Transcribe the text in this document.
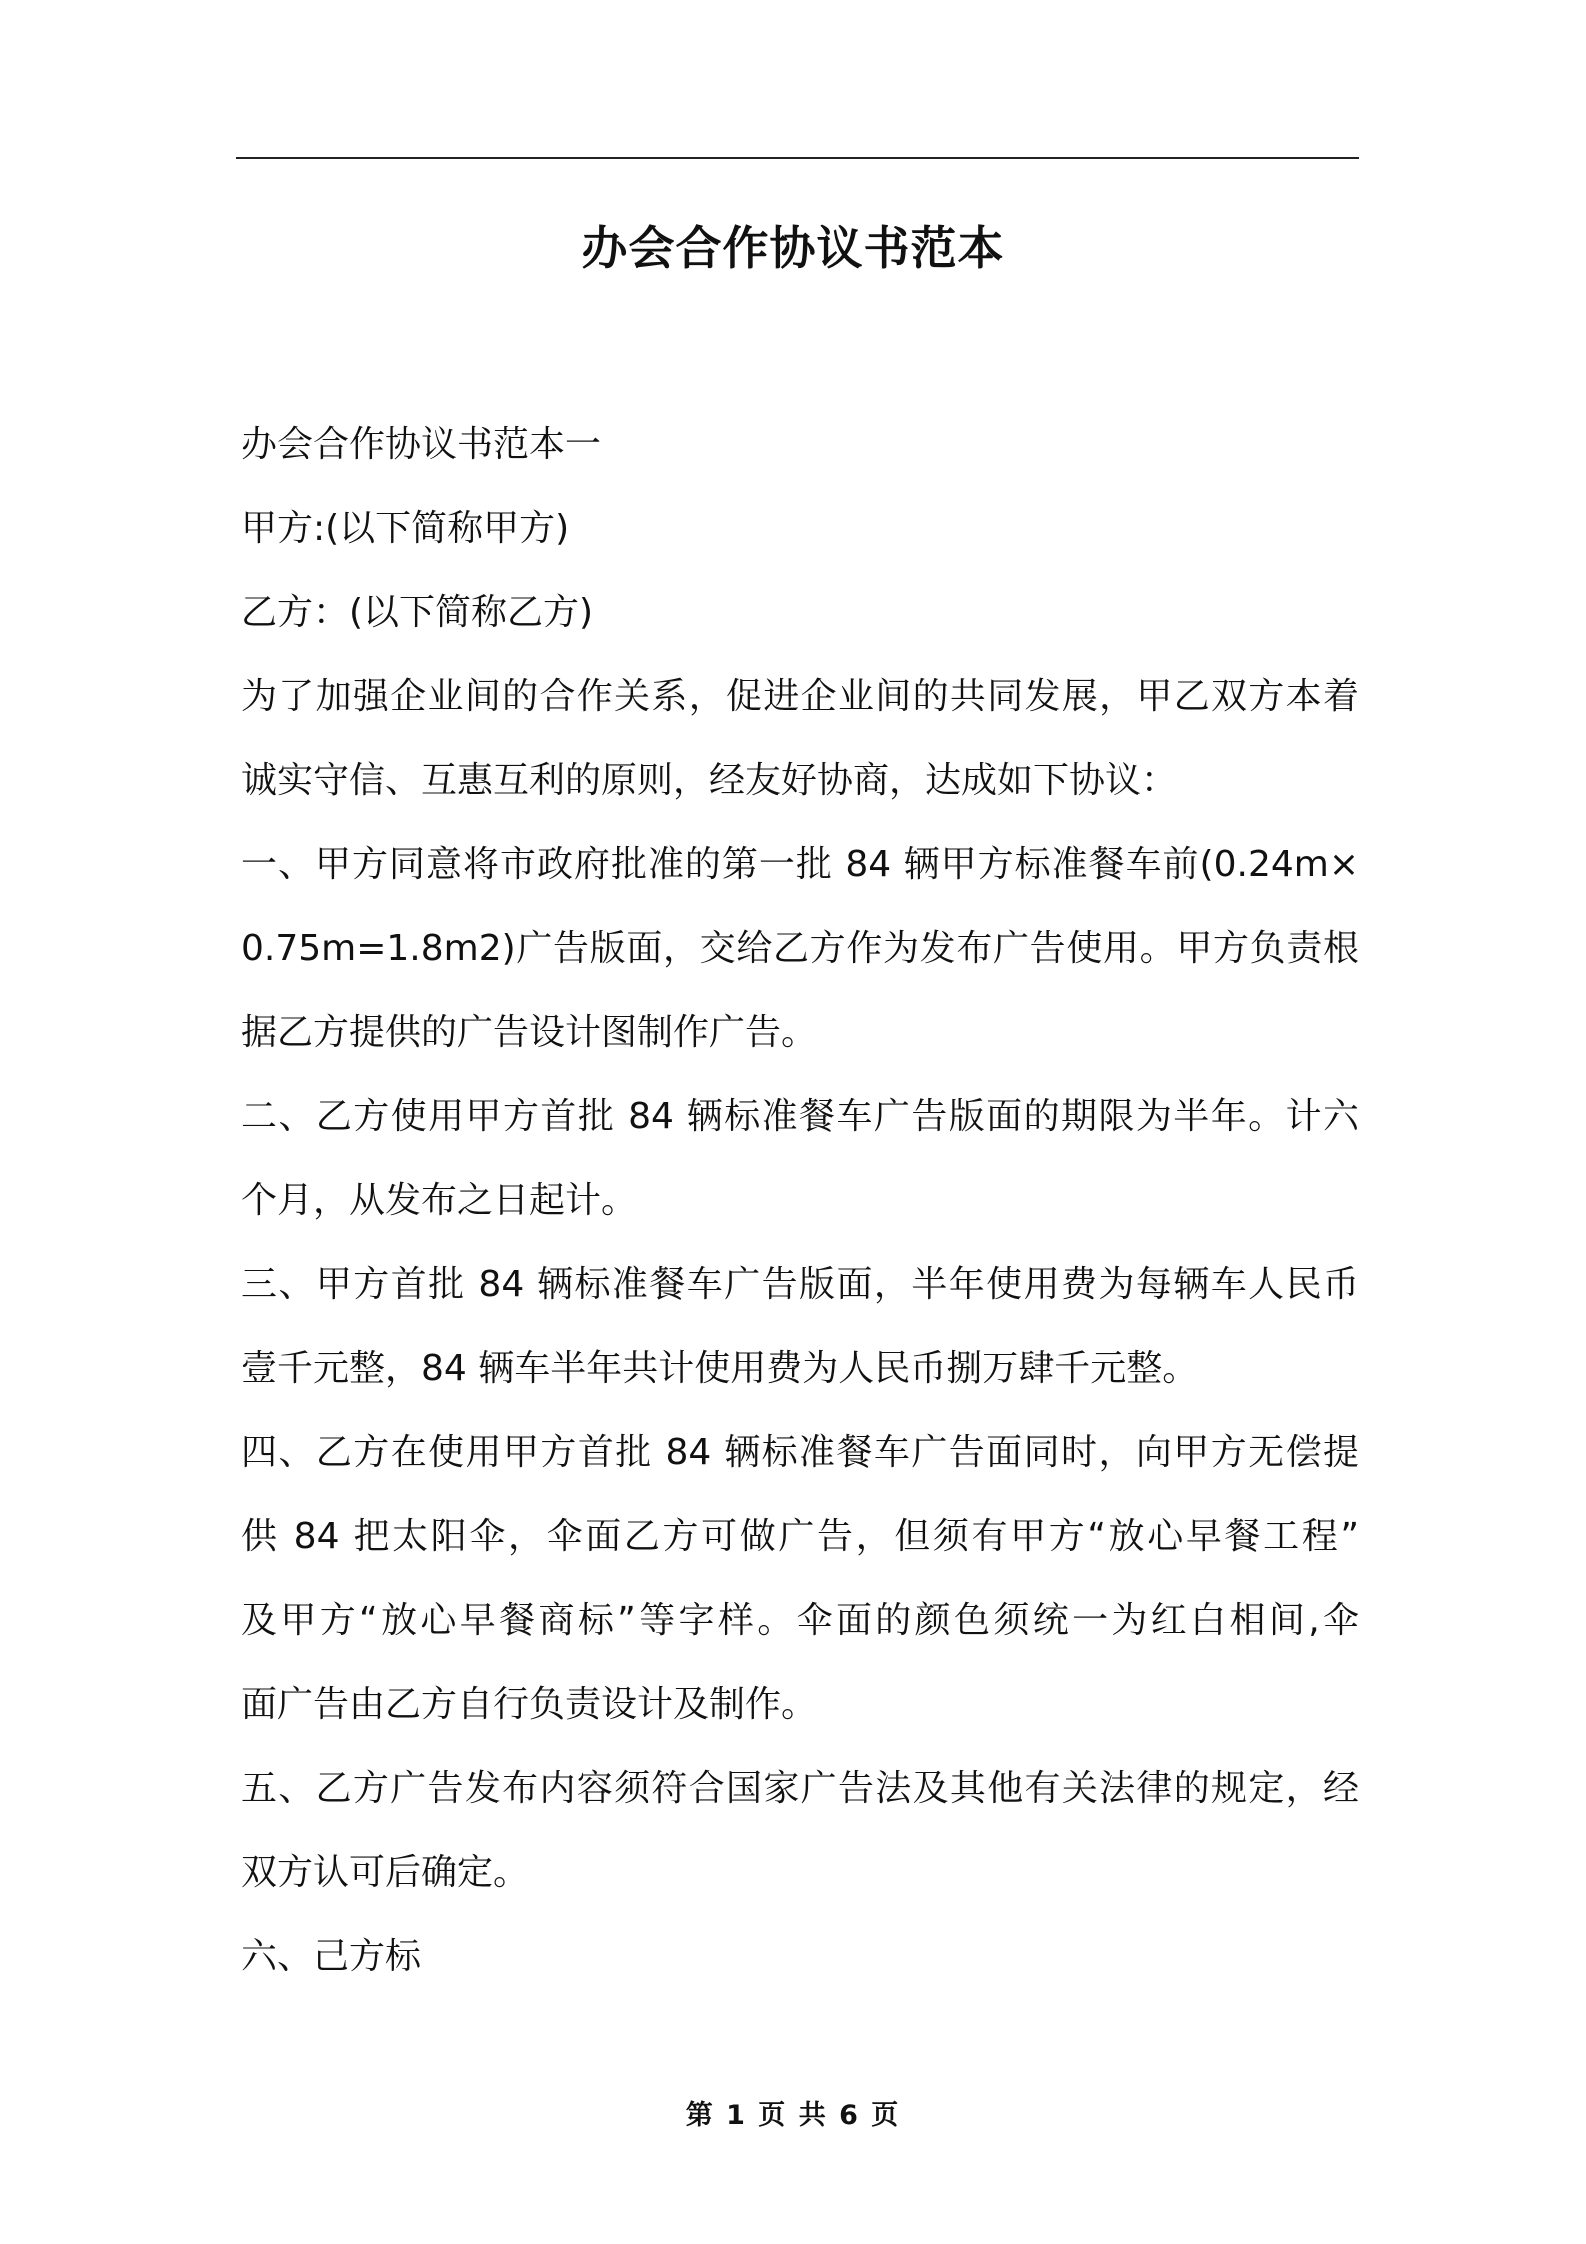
办会合作协议书范本
办会合作协议书范本一
甲方:(以下简称甲方)
乙方：(以下简称乙方)
为了加强企业间的合作关系，促进企业间的共同发展，甲乙双方本着
诚实守信、互惠互利的原则，经友好协商，达成如下协议：
一、甲方同意将市政府批准的第一批 84 辆甲方标准餐车前(0.24m×
0.75m=1.8m2)广告版面，交给乙方作为发布广告使用。甲方负责根
据乙方提供的广告设计图制作广告。
二、乙方使用甲方首批 84 辆标准餐车广告版面的期限为半年。计六
个月，从发布之日起计。
三、甲方首批 84 辆标准餐车广告版面，半年使用费为每辆车人民币
壹千元整，84 辆车半年共计使用费为人民币捌万肆千元整。
四、乙方在使用甲方首批 84 辆标准餐车广告面同时，向甲方无偿提
供 84 把太阳伞，伞面乙方可做广告，但须有甲方“放心早餐工程”
及甲方“放心早餐商标”等字样。伞面的颜色须统一为红白相间,伞
面广告由乙方自行负责设计及制作。
五、乙方广告发布内容须符合国家广告法及其他有关法律的规定，经
双方认可后确定。
六、己方标
第 1 页 共 6 页
